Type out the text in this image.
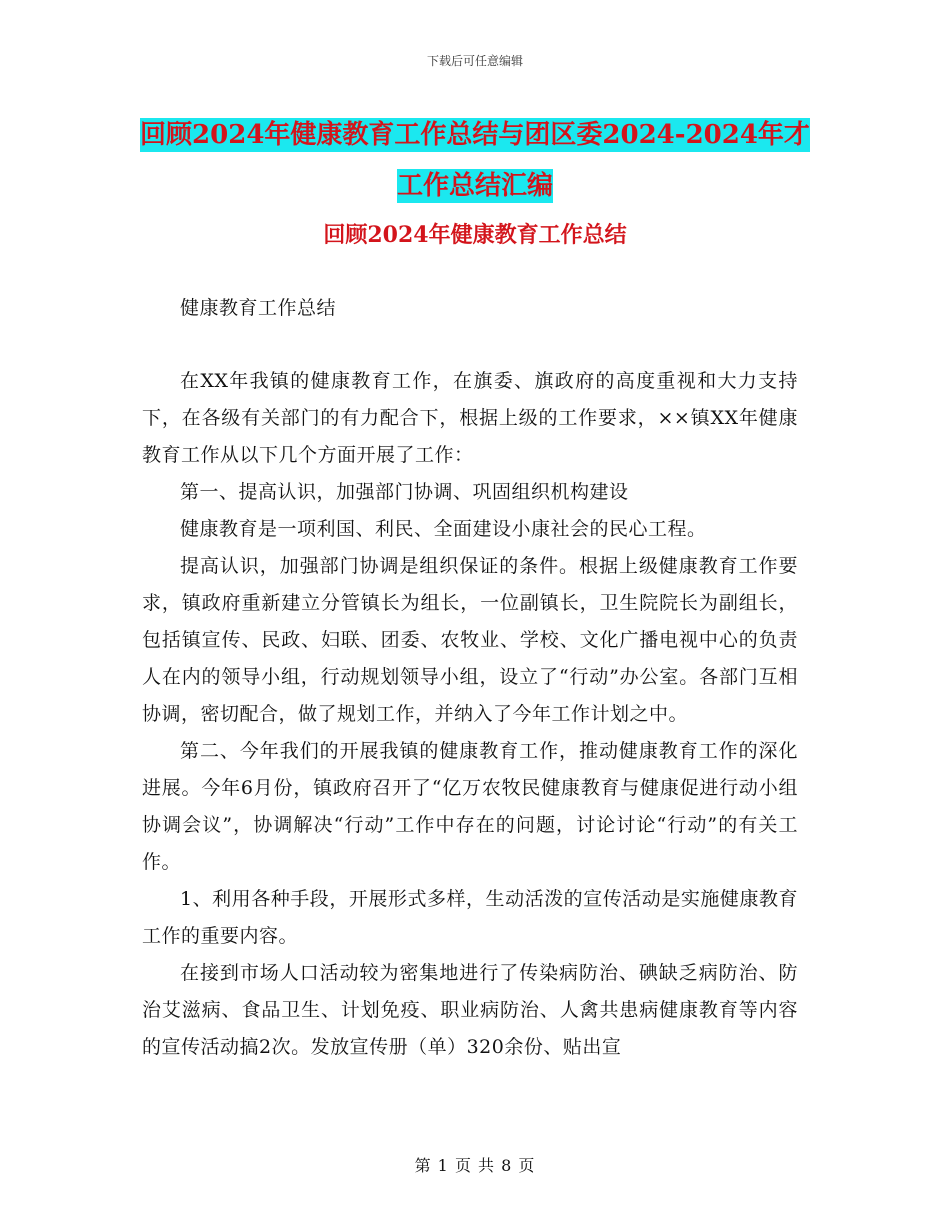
下载后可任意编辑
回顾2024年健康教育工作总结与团区委2024-2024年才工作总结汇编
回顾2024年健康教育工作总结

健康教育工作总结

在XX年我镇的健康教育工作，在旗委、旗政府的高度重视和大力支持下，在各级有关部门的有力配合下，根据上级的工作要求，××镇XX年健康教育工作从以下几个方面开展了工作：

第一、提高认识，加强部门协调、巩固组织机构建设

健康教育是一项利国、利民、全面建设小康社会的民心工程。

提高认识，加强部门协调是组织保证的条件。根据上级健康教育工作要求，镇政府重新建立分管镇长为组长，一位副镇长，卫生院院长为副组长，包括镇宣传、民政、妇联、团委、农牧业、学校、文化广播电视中心的负责人在内的领导小组，行动规划领导小组，设立了“行动”办公室。各部门互相协调，密切配合，做了规划工作，并纳入了今年工作计划之中。

第二、今年我们的开展我镇的健康教育工作，推动健康教育工作的深化进展。今年6月份，镇政府召开了“亿万农牧民健康教育与健康促进行动小组协调会议”，协调解决“行动”工作中存在的问题，讨论讨论“行动”的有关工作。

1、利用各种手段，开展形式多样，生动活泼的宣传活动是实施健康教育工作的重要内容。

在接到市场人口活动较为密集地进行了传染病防治、碘缺乏病防治、防治艾滋病、食品卫生、计划免疫、职业病防治、人禽共患病健康教育等内容的宣传活动搞2次。发放宣传册（单）320余份、贴出宣

第 1 页 共 8 页
